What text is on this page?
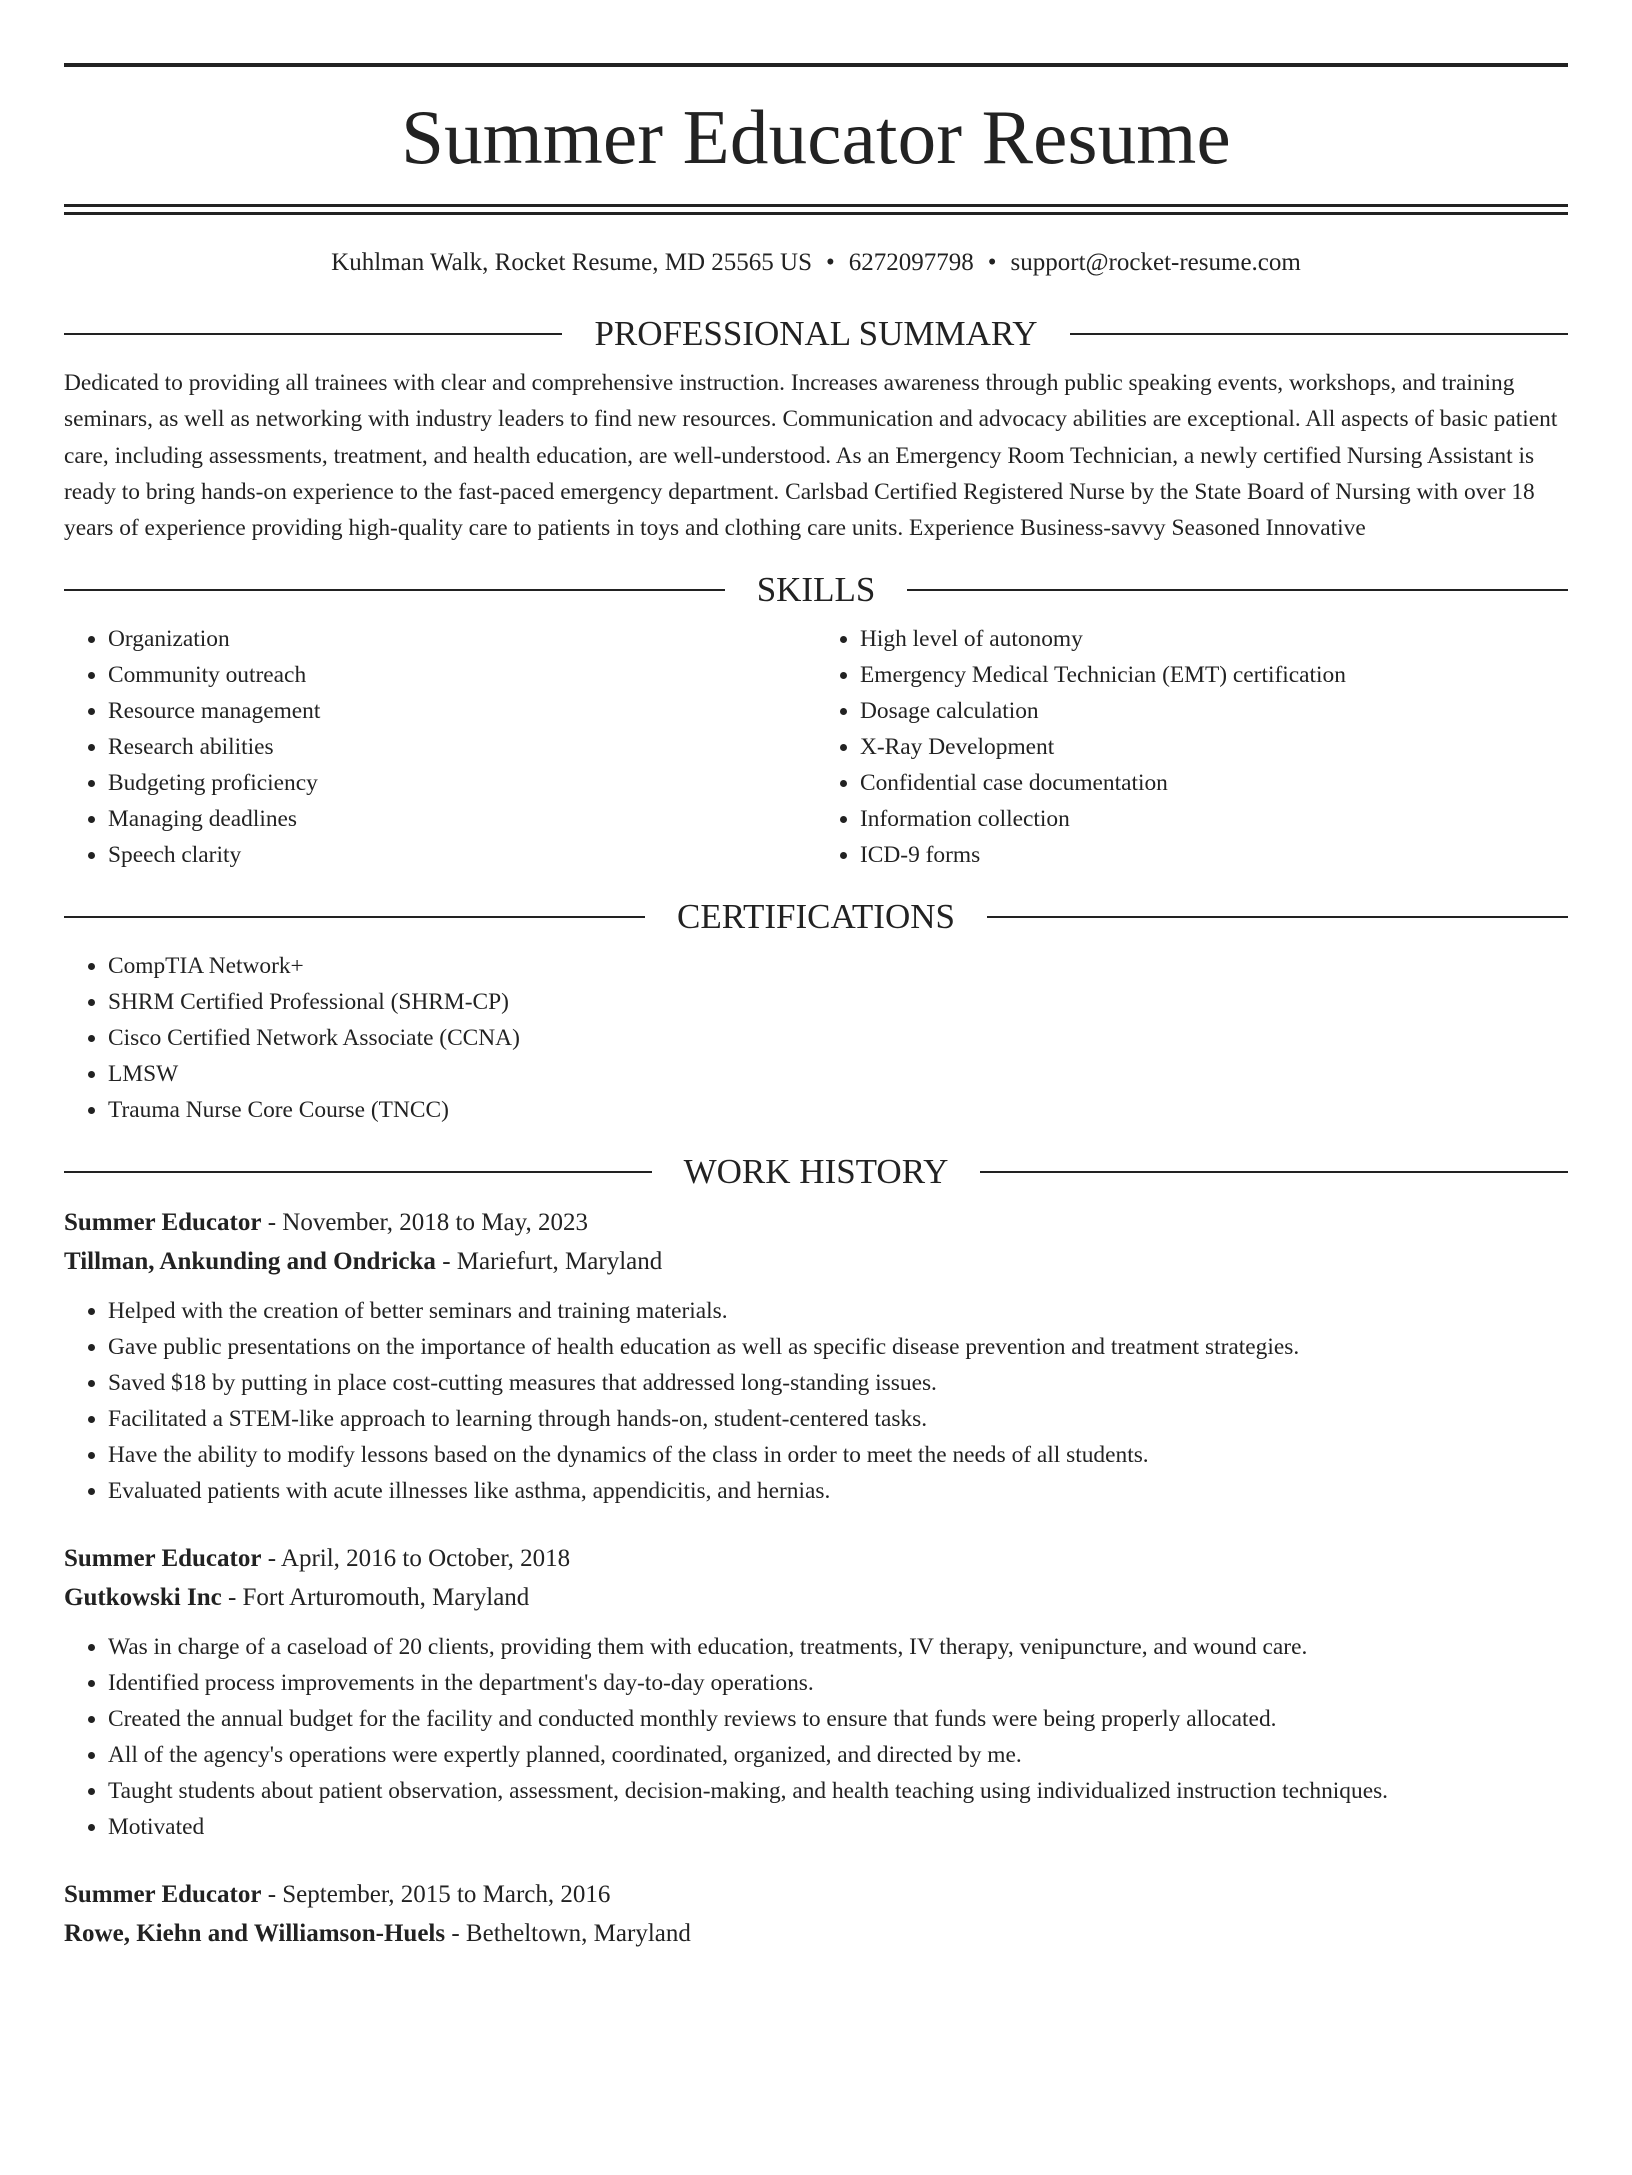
Summer Educator Resume
Kuhlman Walk, Rocket Resume, MD 25565 US • 6272097798 • support@rocket-resume.com
PROFESSIONAL SUMMARY

Dedicated to providing all trainees with clear and comprehensive instruction. Increases awareness through public speaking events, workshops, and training seminars, as well as networking with industry leaders to find new resources. Communication and advocacy abilities are exceptional. All aspects of basic patient care, including assessments, treatment, and health education, are well-understood. As an Emergency Room Technician, a newly certified Nursing Assistant is ready to bring hands-on experience to the fast-paced emergency department. Carlsbad Certified Registered Nurse by the State Board of Nursing with over 18 years of experience providing high-quality care to patients in toys and clothing care units. Experience Business-savvy Seasoned Innovative

SKILLS
• Organization
• Community outreach
• Resource management
• Research abilities
• Budgeting proficiency
• Managing deadlines
• Speech clarity
• High level of autonomy
• Emergency Medical Technician (EMT) certification
• Dosage calculation
• X-Ray Development
• Confidential case documentation
• Information collection
• ICD-9 forms
CERTIFICATIONS
• CompTIA Network+
• SHRM Certified Professional (SHRM-CP)
• Cisco Certified Network Associate (CCNA)
• LMSW
• Trauma Nurse Core Course (TNCC)
WORK HISTORY
Summer Educator - November, 2018 to May, 2023
Tillman, Ankunding and Ondricka - Mariefurt, Maryland
• Helped with the creation of better seminars and training materials.
• Gave public presentations on the importance of health education as well as specific disease prevention and treatment strategies.
• Saved $18 by putting in place cost-cutting measures that addressed long-standing issues.
• Facilitated a STEM-like approach to learning through hands-on, student-centered tasks.
• Have the ability to modify lessons based on the dynamics of the class in order to meet the needs of all students.
• Evaluated patients with acute illnesses like asthma, appendicitis, and hernias.
Summer Educator - April, 2016 to October, 2018
Gutkowski Inc - Fort Arturomouth, Maryland
• Was in charge of a caseload of 20 clients, providing them with education, treatments, IV therapy, venipuncture, and wound care.
• Identified process improvements in the department's day-to-day operations.
• Created the annual budget for the facility and conducted monthly reviews to ensure that funds were being properly allocated.
• All of the agency's operations were expertly planned, coordinated, organized, and directed by me.
• Taught students about patient observation, assessment, decision-making, and health teaching using individualized instruction techniques.
• Motivated
Summer Educator - September, 2015 to March, 2016
Rowe, Kiehn and Williamson-Huels - Betheltown, Maryland
